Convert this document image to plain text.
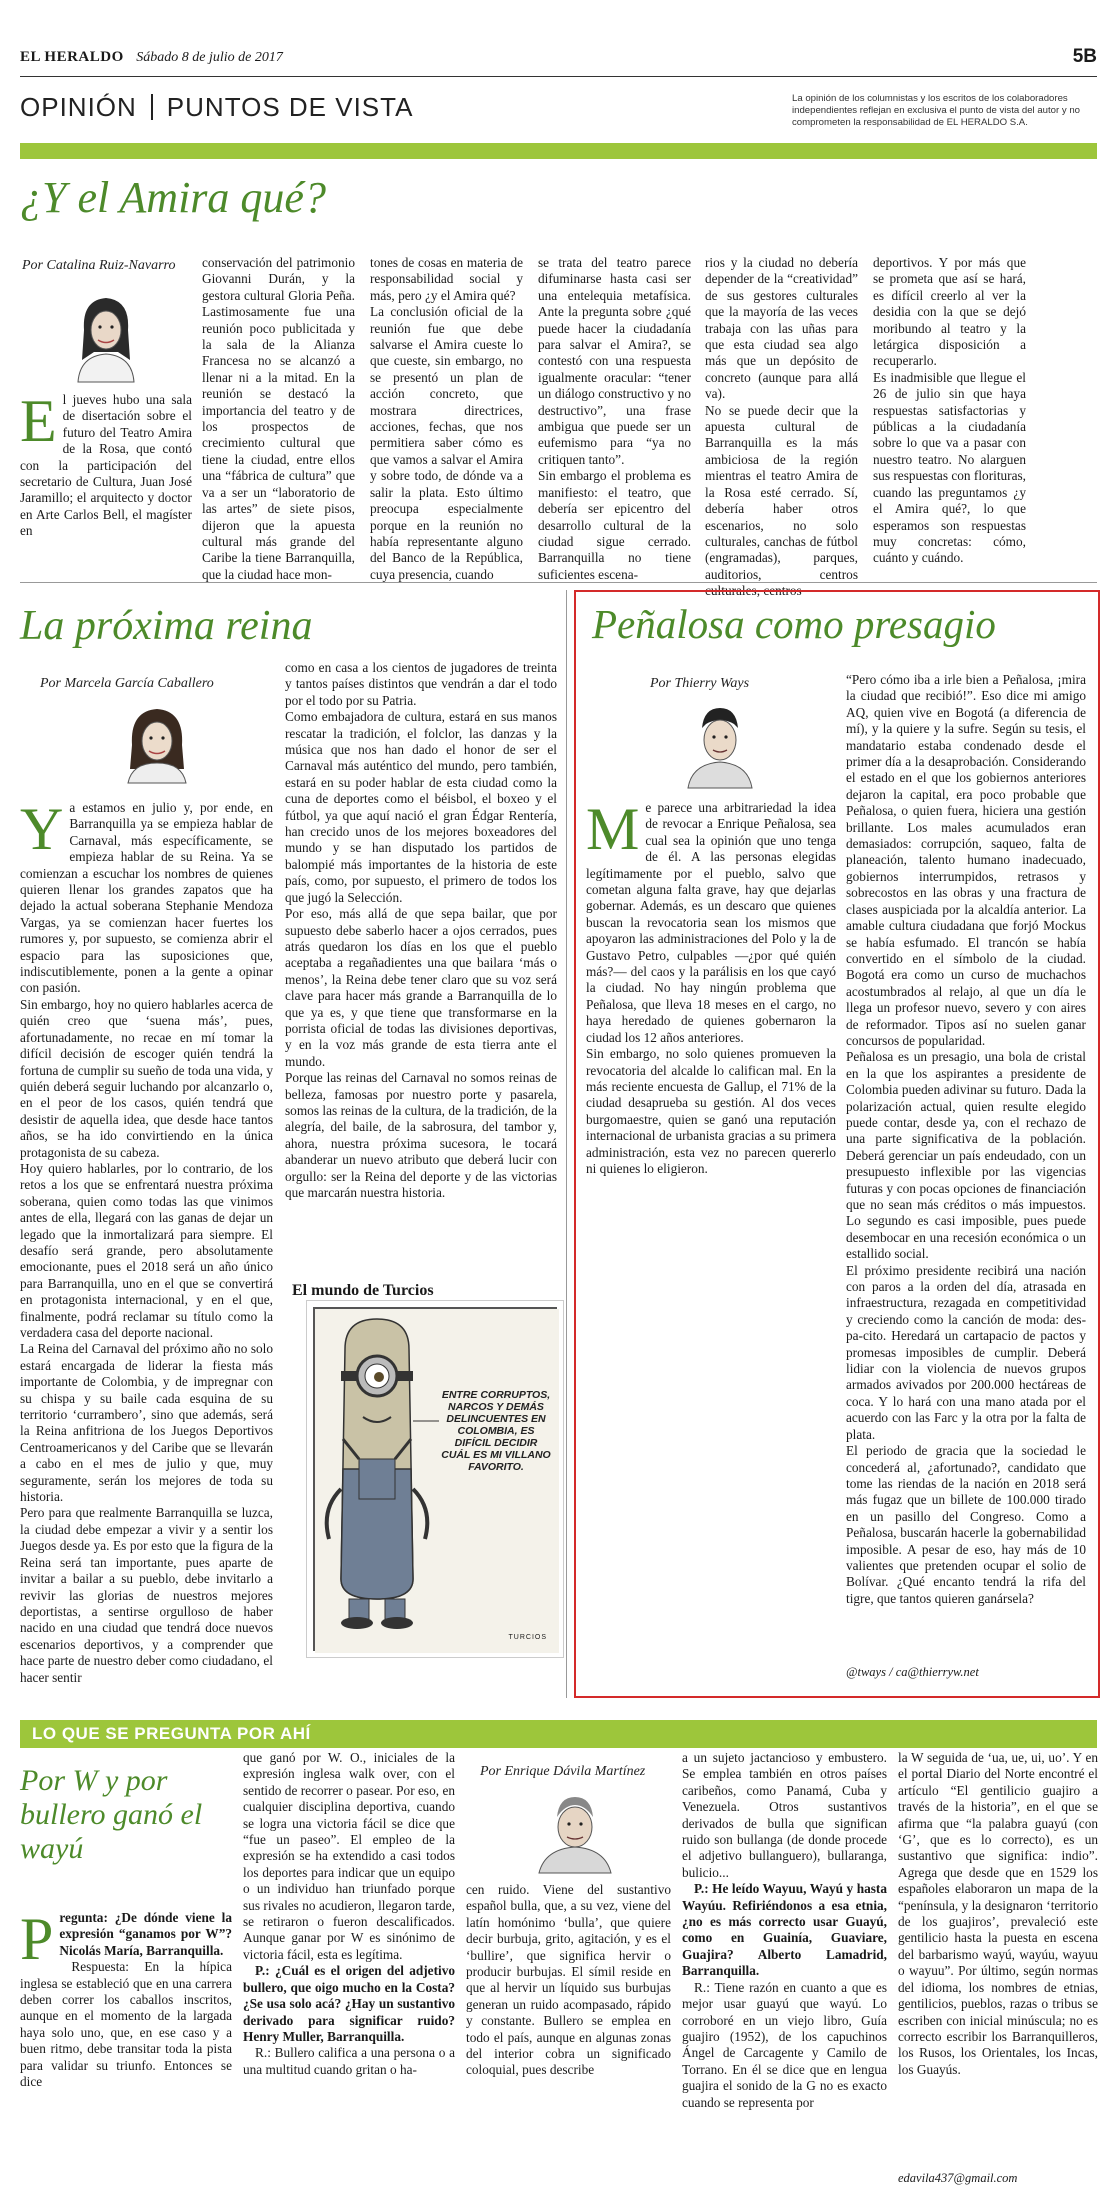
EL HERALDO Sábado 8 de julio de 2017	5B
OPINIÓN PUNTOS DE VISTA	La opinión de los columnistas y los escritos de los colaboradores independientes reflejan en exclusiva el punto de vista del autor y no comprometen la responsabilidad de EL HERALDO S.A.
¿Y el Amira qué?
Por Catalina Ruiz-Navarro
El jueves hubo una sala de disertación sobre el futuro del Teatro Amira de la Rosa, que contó con la participación del secretario de Cultura, Juan José Jaramillo; el arquitecto y doctor en Arte Carlos Bell, el magíster en
conservación del patrimonio Giovanni Durán, y la gestora cultural Gloria Peña. Lastimosamente fue una reunión poco publicitada y la sala de la Alianza Francesa no se alcanzó a llenar ni a la mitad. En la reunión se destacó la importancia del teatro y de los prospectos de crecimiento cultural que tiene la ciudad, entre ellos una “fábrica de cultura” que va a ser un “laboratorio de las artes” de siete pisos, dijeron que la apuesta cultural más grande del Caribe la tiene Barranquilla, que la ciudad hace mon-
tones de cosas en materia de responsabilidad social y más, pero ¿y el Amira qué?
La conclusión oficial de la reunión fue que debe salvarse el Amira cueste lo que cueste, sin embargo, no se presentó un plan de acción concreto, que mostrara directrices, acciones, fechas, que nos permitiera saber cómo es que vamos a salvar el Amira y sobre todo, de dónde va a salir la plata. Esto último preocupa especialmente porque en la reunión no había representante alguno del Banco de la República, cuya presencia, cuando
se trata del teatro parece difuminarse hasta casi ser una entelequia metafísica. Ante la pregunta sobre ¿qué puede hacer la ciudadanía para salvar el Amira?, se contestó con una respuesta igualmente oracular: “tener un diálogo constructivo y no destructivo”, una frase ambigua que puede ser un eufemismo para “ya no critiquen tanto”.
Sin embargo el problema es manifiesto: el teatro, que debería ser epicentro del desarrollo cultural de la ciudad sigue cerrado. Barranquilla no tiene suficientes escena-
rios y la ciudad no debería depender de la “creatividad” de sus gestores culturales que la mayoría de las veces trabaja con las uñas para que esta ciudad sea algo más que un depósito de concreto (aunque para allá va).
No se puede decir que la apuesta cultural de Barranquilla es la más ambiciosa de la región mientras el teatro Amira de la Rosa esté cerrado. Sí, debería haber otros escenarios, no solo culturales, canchas de fútbol (engramadas), parques, auditorios, centros culturales, centros
deportivos. Y por más que se prometa que así se hará, es difícil creerlo al ver la desidia con la que se dejó moribundo al teatro y la letárgica disposición a recuperarlo.
Es inadmisible que llegue el 26 de julio sin que haya respuestas satisfactorias y públicas a la ciudadanía sobre lo que va a pasar con nuestro teatro. No alarguen sus respuestas con florituras, cuando las preguntamos ¿y el Amira qué?, lo que esperamos son respuestas muy concretas: cómo, cuánto y cuándo.
La próxima reina
Por Marcela García Caballero
Ya estamos en julio y, por ende, en Barranquilla ya se empieza hablar de Carnaval, más específicamente, se empieza hablar de su Reina. Ya se comienzan a escuchar los nombres de quienes quieren llenar los grandes zapatos que ha dejado la actual soberana Stephanie Mendoza Vargas, ya se comienzan hacer fuertes los rumores y, por supuesto, se comienza abrir el espacio para las suposiciones que, indiscutiblemente, ponen a la gente a opinar con pasión.
Sin embargo, hoy no quiero hablarles acerca de quién creo que ‘suena más’, pues, afortunadamente, no recae en mí tomar la difícil decisión de escoger quién tendrá la fortuna de cumplir su sueño de toda una vida, y quién deberá seguir luchando por alcanzarlo o, en el peor de los casos, quién tendrá que desistir de aquella idea, que desde hace tantos años, se ha ido convirtiendo en la única protagonista de su cabeza.
Hoy quiero hablarles, por lo contrario, de los retos a los que se enfrentará nuestra próxima soberana, quien como todas las que vinimos antes de ella, llegará con las ganas de dejar un legado que la inmortalizará para siempre. El desafío será grande, pero absolutamente emocionante, pues el 2018 será un año único para Barranquilla, uno en el que se convertirá en protagonista internacional, y en el que, finalmente, podrá reclamar su título como la verdadera casa del deporte nacional.
La Reina del Carnaval del próximo año no solo estará encargada de liderar la fiesta más importante de Colombia, y de impregnar con su chispa y su baile cada esquina de su territorio ‘currambero’, sino que además, será la Reina anfitriona de los Juegos Deportivos Centroamericanos y del Caribe que se llevarán a cabo en el mes de julio y que, muy seguramente, serán los mejores de toda su historia.
Pero para que realmente Barranquilla se luzca, la ciudad debe empezar a vivir y a sentir los Juegos desde ya. Es por esto que la figura de la Reina será tan importante, pues aparte de invitar a bailar a su pueblo, debe invitarlo a revivir las glorias de nuestros mejores deportistas, a sentirse orgulloso de haber nacido en una ciudad que tendrá doce nuevos escenarios deportivos, y a comprender que hace parte de nuestro deber como ciudadano, el hacer sentir
como en casa a los cientos de jugadores de treinta y tantos países distintos que vendrán a dar el todo por el todo por su Patria.
Como embajadora de cultura, estará en sus manos rescatar la tradición, el folclor, las danzas y la música que nos han dado el honor de ser el Carnaval más auténtico del mundo, pero también, estará en su poder hablar de esta ciudad como la cuna de deportes como el béisbol, el boxeo y el fútbol, ya que aquí nació el gran Édgar Rentería, han crecido unos de los mejores boxeadores del mundo y se han disputado los partidos de balompié más importantes de la historia de este país, como, por supuesto, el primero de todos los que jugó la Selección.
Por eso, más allá de que sepa bailar, que por supuesto debe saberlo hacer a ojos cerrados, pues atrás quedaron los días en los que el pueblo aceptaba a regañadientes una que bailara ‘más o menos’, la Reina debe tener claro que su voz será clave para hacer más grande a Barranquilla de lo que ya es, y que tiene que transformarse en la porrista oficial de todas las divisiones deportivas, y en la voz más grande de esta tierra ante el mundo.
Porque las reinas del Carnaval no somos reinas de belleza, famosas por nuestro porte y pasarela, somos las reinas de la cultura, de la tradición, de la alegría, del baile, de la sabrosura, del tambor y, ahora, nuestra próxima sucesora, le tocará abanderar un nuevo atributo que deberá lucir con orgullo: ser la Reina del deporte y de las victorias que marcarán nuestra historia.
El mundo de Turcios
ENTRE CORRUPTOS, NARCOS Y DEMÁS DELINCUENTES EN COLOMBIA, ES DIFÍCIL DECIDIR CUÁL ES MI VILLANO FAVORITO.
TURCIOS
Peñalosa como presagio
Por Thierry Ways
Me parece una arbitrariedad la idea de revocar a Enrique Peñalosa, sea cual sea la opinión que uno tenga de él. A las personas elegidas legítimamente por el pueblo, salvo que cometan alguna falta grave, hay que dejarlas gobernar. Además, es un descaro que quienes buscan la revocatoria sean los mismos que apoyaron las administraciones del Polo y la de Gustavo Petro, culpables —¿por qué quién más?— del caos y la parálisis en los que cayó la ciudad. No hay ningún problema que Peñalosa, que lleva 18 meses en el cargo, no haya heredado de quienes gobernaron la ciudad los 12 años anteriores.
Sin embargo, no solo quienes promueven la revocatoria del alcalde lo califican mal. En la más reciente encuesta de Gallup, el 71% de la ciudad desaprueba su gestión. Al dos veces burgomaestre, quien se ganó una reputación internacional de urbanista gracias a su primera administración, esta vez no parecen quererlo ni quienes lo eligieron.
“Pero cómo iba a irle bien a Peñalosa, ¡mira la ciudad que recibió!”. Eso dice mi amigo AQ, quien vive en Bogotá (a diferencia de mí), y la quiere y la sufre. Según su tesis, el mandatario estaba condenado desde el primer día a la desaprobación. Considerando el estado en el que los gobiernos anteriores dejaron la capital, era poco probable que Peñalosa, o quien fuera, hiciera una gestión brillante. Los males acumulados eran demasiados: corrupción, saqueo, falta de planeación, talento humano inadecuado, gobiernos interrumpidos, retrasos y sobrecostos en las obras y una fractura de clases auspiciada por la alcaldía anterior. La amable cultura ciudadana que forjó Mockus se había esfumado. El trancón se había convertido en el símbolo de la ciudad. Bogotá era como un curso de muchachos acostumbrados al relajo, al que un día le llega un profesor nuevo, severo y con aires de reformador. Tipos así no suelen ganar concursos de popularidad.
Peñalosa es un presagio, una bola de cristal en la que los aspirantes a presidente de Colombia pueden adivinar su futuro. Dada la polarización actual, quien resulte elegido puede contar, desde ya, con el rechazo de una parte significativa de la población. Deberá gerenciar un país endeudado, con un presupuesto inflexible por las vigencias futuras y con pocas opciones de financiación que no sean más créditos o más impuestos. Lo segundo es casi imposible, pues puede desembocar en una recesión económica o un estallido social.
El próximo presidente recibirá una nación con paros a la orden del día, atrasada en infraestructura, rezagada en competitividad y creciendo como la canción de moda: des-pa-cito. Heredará un cartapacio de pactos y promesas imposibles de cumplir. Deberá lidiar con la violencia de nuevos grupos armados avivados por 200.000 hectáreas de coca. Y lo hará con una mano atada por el acuerdo con las Farc y la otra por la falta de plata.
El periodo de gracia que la sociedad le concederá al, ¿afortunado?, candidato que tome las riendas de la nación en 2018 será más fugaz que un billete de 100.000 tirado en un pasillo del Congreso. Como a Peñalosa, buscarán hacerle la gobernabilidad imposible. A pesar de eso, hay más de 10 valientes que pretenden ocupar el solio de Bolívar. ¿Qué encanto tendrá la rifa del tigre, que tantos quieren ganársela?
@tways / ca@thierryw.net
LO QUE SE PREGUNTA POR AHÍ
Por W y por bullero ganó el wayú
Por Enrique Dávila Martínez

Pregunta: ¿De dónde viene la expresión “ganamos por W”? Nicolás María, Barranquilla.

Respuesta: En la hípica inglesa se estableció que en una carrera deben correr los caballos inscritos, aunque en el momento de la largada haya solo uno, que, en ese caso y a buen ritmo, debe transitar toda la pista para validar su triunfo. Entonces se dice

que ganó por W. O., iniciales de la expresión inglesa walk over, con el sentido de recorrer o pasear. Por eso, en cualquier disciplina deportiva, cuando se logra una victoria fácil se dice que “fue un paseo”. El empleo de la expresión se ha extendido a casi todos los deportes para indicar que un equipo o un individuo han triunfado porque sus rivales no acudieron, llegaron tarde, se retiraron o fueron descalificados. Aunque ganar por W es sinónimo de victoria fácil, esta es legítima.

P.: ¿Cuál es el origen del adjetivo bullero, que oigo mucho en la Costa? ¿Se usa solo acá? ¿Hay un sustantivo derivado para significar ruido? Henry Muller, Barranquilla.

R.: Bullero califica a una persona o a una multitud cuando gritan o ha-

cen ruido. Viene del sustantivo español bulla, que, a su vez, viene del latín homónimo ‘bulla’, que quiere decir burbuja, grito, agitación, y es el ‘bullire’, que significa hervir o producir burbujas. El símil reside en que al hervir un líquido sus burbujas generan un ruido acompasado, rápido y constante. Bullero se emplea en todo el país, aunque en algunas zonas del interior cobra un significado coloquial, pues describe

a un sujeto jactancioso y embustero. Se emplea también en otros países caribeños, como Panamá, Cuba y Venezuela. Otros sustantivos derivados de bulla que significan ruido son bullanga (de donde procede el adjetivo bullanguero), bullaranga, bulicio...

P.: He leído Wayuu, Wayú y hasta Wayúu. Refiriéndonos a esa etnia, ¿no es más correcto usar Guayú, como en Guainía, Guaviare, Guajira? Alberto Lamadrid, Barranquilla.

R.: Tiene razón en cuanto a que es mejor usar guayú que wayú. Lo corroboré en un viejo libro, Guía guajiro (1952), de los capuchinos Ángel de Carcagente y Camilo de Torrano. En él se dice que en lengua guajira el sonido de la G no es exacto cuando se representa por

la W seguida de ‘ua, ue, ui, uo’. Y en el portal Diario del Norte encontré el artículo “El gentilicio guajiro a través de la historia”, en el que se afirma que “la palabra guayú (con ‘G’, que es lo correcto), es un sustantivo que significa: indio”. Agrega que desde que en 1529 los españoles elaboraron un mapa de la “península, y la designaron ‘territorio de los guajiros’, prevaleció este gentilicio hasta la puesta en escena del barbarismo wayú, wayúu, wayuu o wayuu”. Por último, según normas del idioma, los nombres de etnias, gentilicios, pueblos, razas o tribus se escriben con inicial minúscula; no es correcto escribir los Barranquilleros, los Rusos, los Orientales, los Incas, los Guayús.
edavila437@gmail.com
